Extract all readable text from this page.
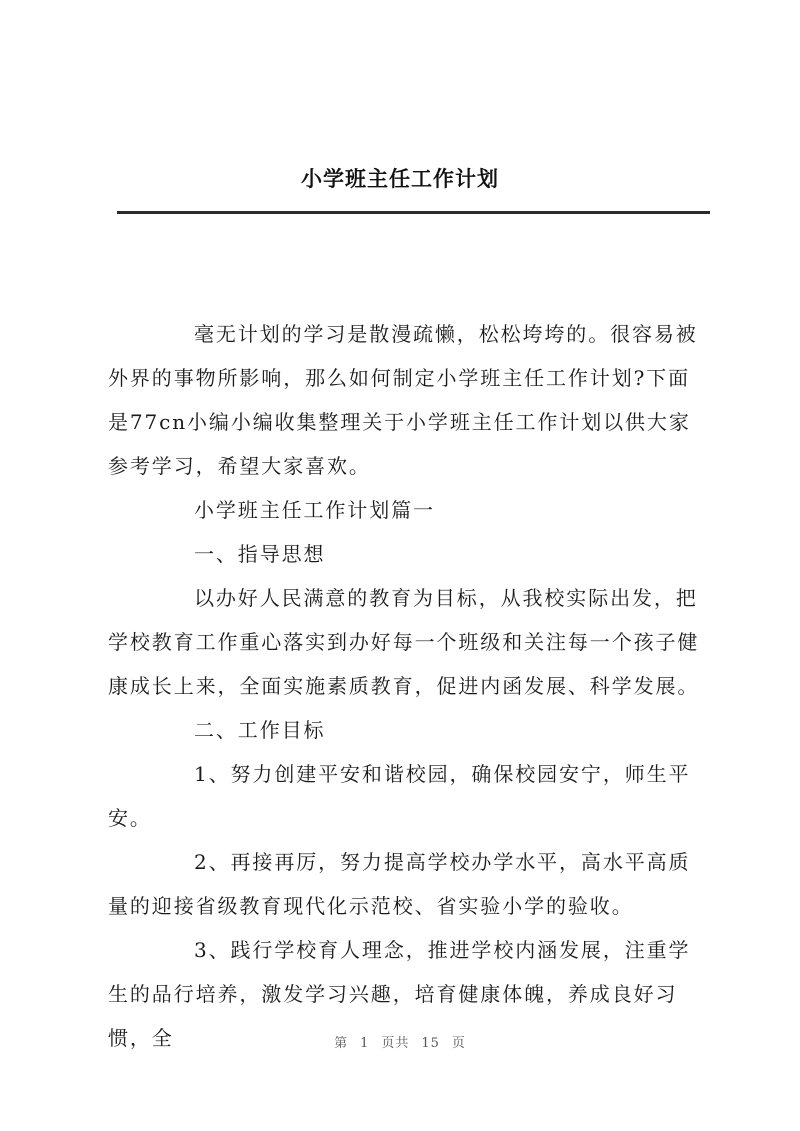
小学班主任工作计划

毫无计划的学习是散漫疏懒，松松垮垮的。很容易被外界的事物所影响，那么如何制定小学班主任工作计划?下面是77cn小编小编收集整理关于小学班主任工作计划以供大家参考学习，希望大家喜欢。

小学班主任工作计划篇一

一、指导思想

以办好人民满意的教育为目标，从我校实际出发，把学校教育工作重心落实到办好每一个班级和关注每一个孩子健康成长上来，全面实施素质教育，促进内函发展、科学发展。

二、工作目标

1、努力创建平安和谐校园，确保校园安宁，师生平安。

2、再接再厉，努力提高学校办学水平，高水平高质量的迎接省级教育现代化示范校、省实验小学的验收。

3、践行学校育人理念，推进学校内涵发展，注重学生的品行培养，激发学习兴趣，培育健康体魄，养成良好习惯，全	第 1 页共 15 页
